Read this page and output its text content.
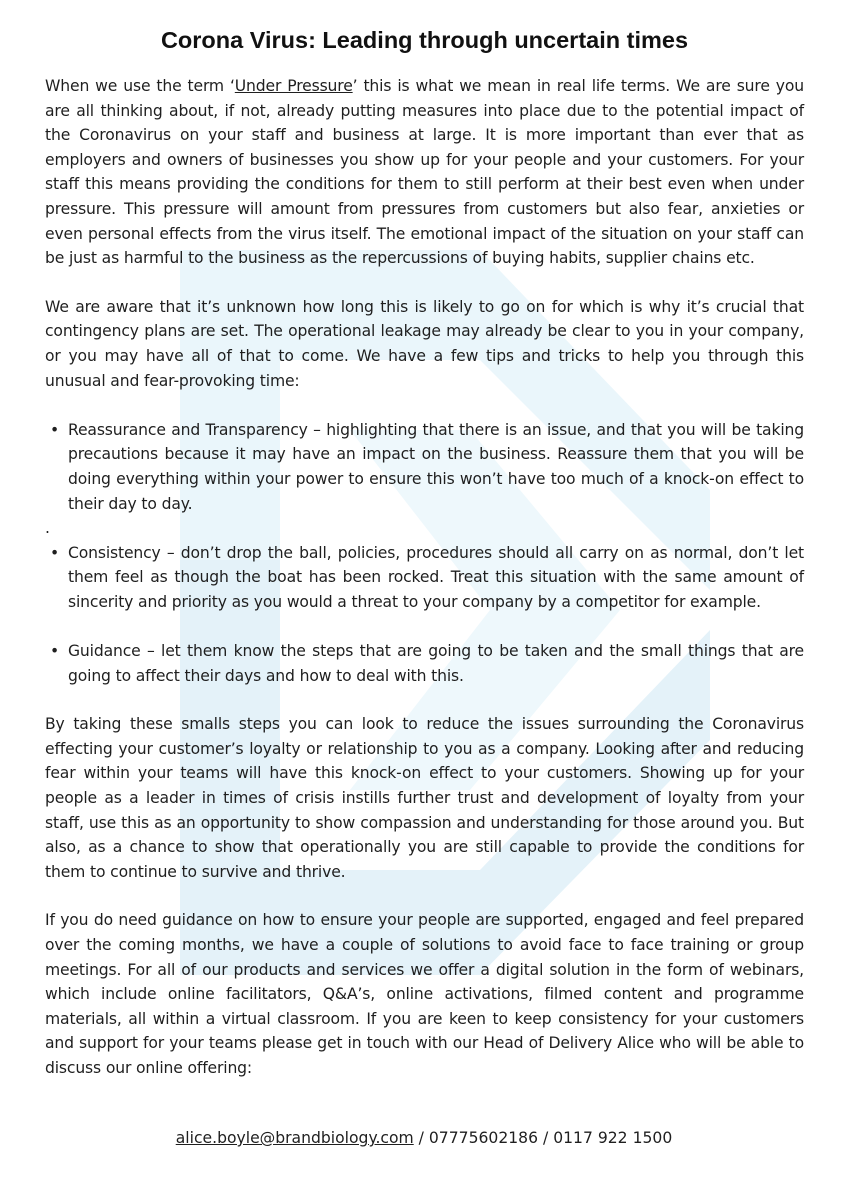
Corona Virus: Leading through uncertain times

When we use the term ‘Under Pressure’ this is what we mean in real life terms. We are sure you are all thinking about, if not, already putting measures into place due to the potential impact of the Coronavirus on your staff and business at large. It is more important than ever that as employers and owners of businesses you show up for your people and your customers. For your staff this means providing the conditions for them to still perform at their best even when under pressure. This pressure will amount from pressures from customers but also fear, anxieties or even personal effects from the virus itself. The emotional impact of the situation on your staff can be just as harmful to the business as the repercussions of buying habits, supplier chains etc.

We are aware that it’s unknown how long this is likely to go on for which is why it’s crucial that contingency plans are set. The operational leakage may already be clear to you in your company, or you may have all of that to come. We have a few tips and tricks to help you through this unusual and fear-provoking time:

• Reassurance and Transparency – highlighting that there is an issue, and that you will be taking precautions because it may have an impact on the business. Reassure them that you will be doing everything within your power to ensure this won’t have too much of a knock-on effect to their day to day.
.
• Consistency – don’t drop the ball, policies, procedures should all carry on as normal, don’t let them feel as though the boat has been rocked. Treat this situation with the same amount of sincerity and priority as you would a threat to your company by a competitor for example.
• Guidance – let them know the steps that are going to be taken and the small things that are going to affect their days and how to deal with this.

By taking these smalls steps you can look to reduce the issues surrounding the Coronavirus effecting your customer’s loyalty or relationship to you as a company. Looking after and reducing fear within your teams will have this knock-on effect to your customers. Showing up for your people as a leader in times of crisis instills further trust and development of loyalty from your staff, use this as an opportunity to show compassion and understanding for those around you. But also, as a chance to show that operationally you are still capable to provide the conditions for them to continue to survive and thrive.

If you do need guidance on how to ensure your people are supported, engaged and feel prepared over the coming months, we have a couple of solutions to avoid face to face training or group meetings. For all of our products and services we offer a digital solution in the form of webinars, which include online facilitators, Q&A’s, online activations, filmed content and programme materials, all within a virtual classroom. If you are keen to keep consistency for your customers and support for your teams please get in touch with our Head of Delivery Alice who will be able to discuss our online offering:

alice.boyle@brandbiology.com / 07775602186 / 0117 922 1500
